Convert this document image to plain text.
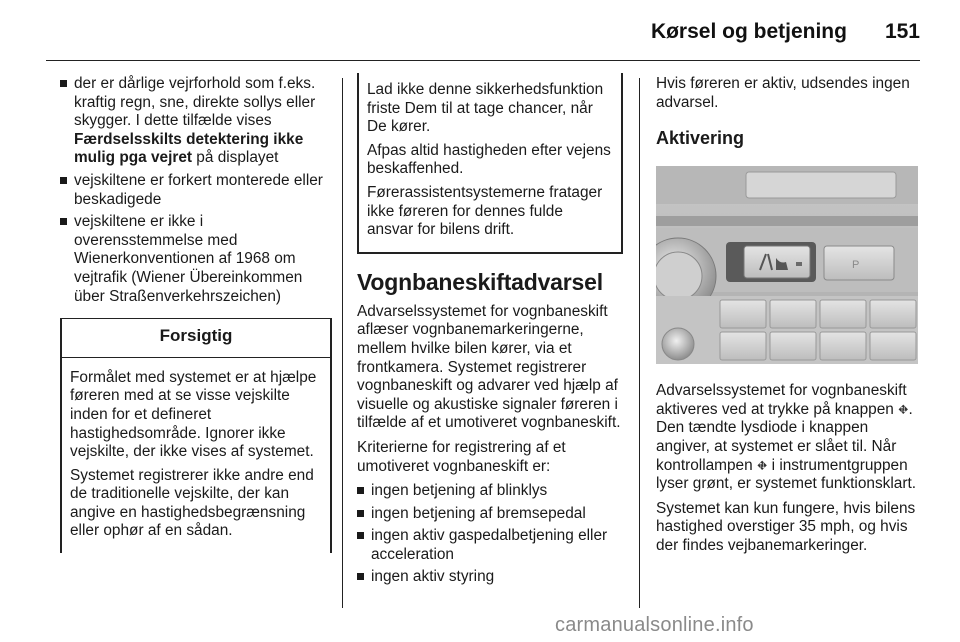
Kørsel og betjening 151
der er dårlige vejrforhold som f.eks. kraftig regn, sne, direkte sollys eller skygger. I dette tilfælde vises Færdselsskilts detektering ikke mulig pga vejret på displayet
vejskiltene er forkert monterede eller beskadigede
vejskiltene er ikke i overensstemmelse med Wienerkonventionen af 1968 om vejtrafik (Wiener Übereinkommen über Straßenverkehrszeichen)
Forsigtig

Formålet med systemet er at hjælpe føreren med at se visse vejskilte inden for et defineret hastighedsområde. Ignorer ikke vejskilte, der ikke vises af systemet.

Systemet registrerer ikke andre end de traditionelle vejskilte, der kan angive en hastighedsbegrænsning eller ophør af en sådan.

Lad ikke denne sikkerhedsfunktion friste Dem til at tage chancer, når De kører.

Afpas altid hastigheden efter vejens beskaffenhed.

Førerassistentsystemerne fratager ikke føreren for dennes fulde ansvar for bilens drift.

Vognbaneskiftadvarsel

Advarselssystemet for vognbaneskift aflæser vognbanemarkeringerne, mellem hvilke bilen kører, via et frontkamera. Systemet registrerer vognbaneskift og advarer ved hjælp af visuelle og akustiske signaler føreren i tilfælde af et umotiveret vognbaneskift.

Kriterierne for registrering af et umotiveret vognbaneskift er:

ingen betjening af blinklys
ingen betjening af bremsepedal
ingen aktiv gaspedalbetjening eller acceleration
ingen aktiv styring

Hvis føreren er aktiv, udsendes ingen advarsel.

Aktivering
P

Advarselssystemet for vognbaneskift aktiveres ved at trykke på knappen ⛖. Den tændte lysdiode i knappen angiver, at systemet er slået til. Når kontrollampen ⛖ i instrumentgruppen lyser grønt, er systemet funktionsklart.

Systemet kan kun fungere, hvis bilens hastighed overstiger 35 mph, og hvis der findes vejbanemarkeringer.

carmanualsonline.info
